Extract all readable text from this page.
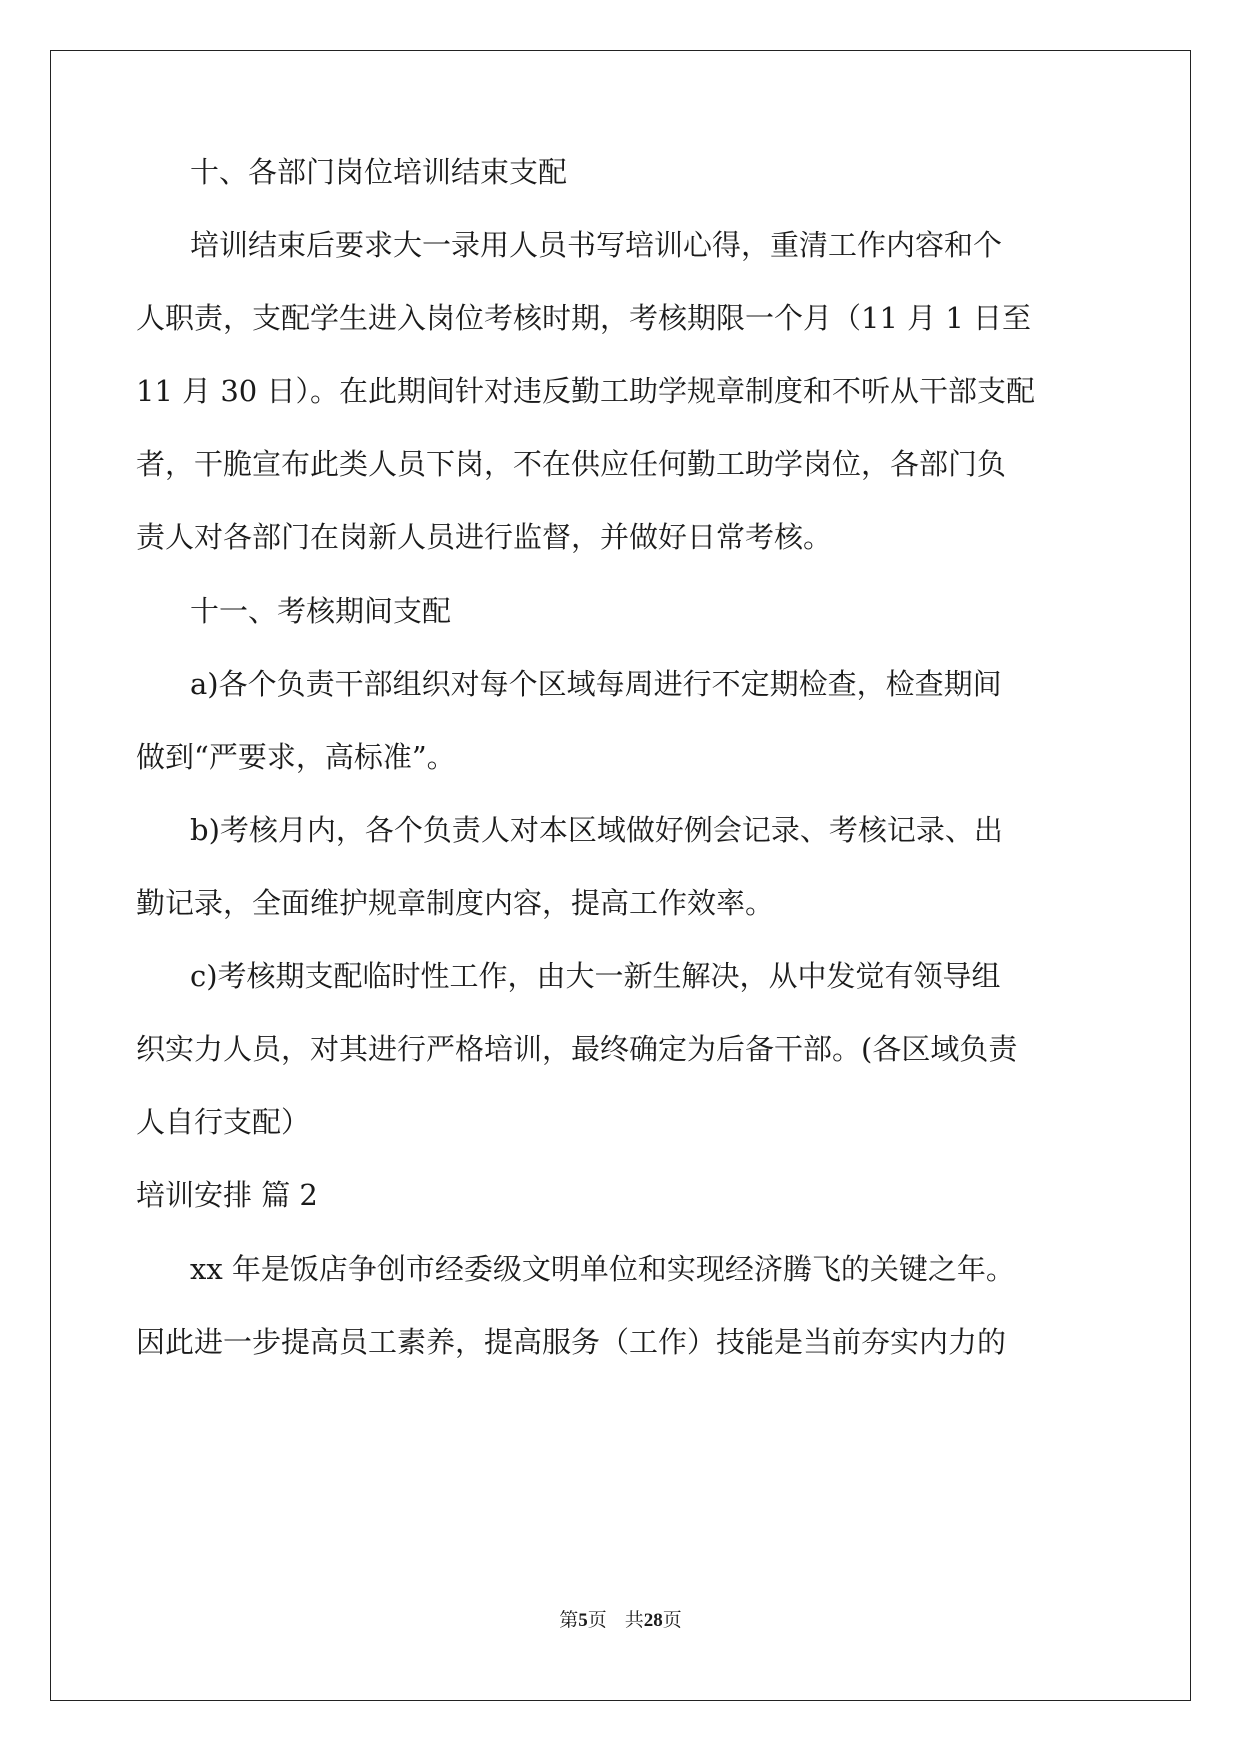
十、各部门岗位培训结束支配
培训结束后要求大一录用人员书写培训心得，重清工作内容和个
人职责，支配学生进入岗位考核时期，考核期限一个月（11 月 1 日至
11 月 30 日）。在此期间针对违反勤工助学规章制度和不听从干部支配
者，干脆宣布此类人员下岗，不在供应任何勤工助学岗位，各部门负
责人对各部门在岗新人员进行监督，并做好日常考核。
十一、考核期间支配
a)各个负责干部组织对每个区域每周进行不定期检查，检查期间
做到“严要求，高标准”。
b)考核月内，各个负责人对本区域做好例会记录、考核记录、出
勤记录，全面维护规章制度内容，提高工作效率。
c)考核期支配临时性工作，由大一新生解决，从中发觉有领导组
织实力人员，对其进行严格培训，最终确定为后备干部。(各区域负责
人自行支配）
培训安排 篇 2
xx 年是饭店争创市经委级文明单位和实现经济腾飞的关键之年。
因此进一步提高员工素养，提高服务（工作）技能是当前夯实内力的
第5页 共28页
